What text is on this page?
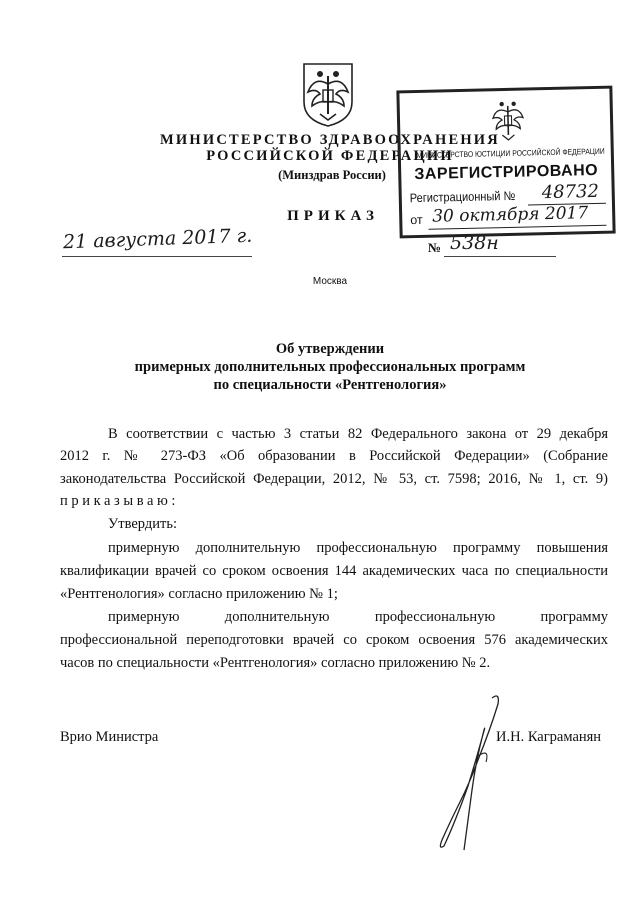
МИНИСТЕРСТВО ЗДРАВООХРАНЕНИЯ
РОССИЙСКОЙ ФЕДЕРАЦИИ
(Минздрав России)
ПРИКАЗ
МИНИСТЕРСТВО ЮСТИЦИИ РОССИЙСКОЙ ФЕДЕРАЦИИ
ЗАРЕГИСТРИРОВАНО
Регистрационный № 48732
от 30 октября 2017
21 августа 2017 г.	№ 538н
Москва
Об утверждении
примерных дополнительных профессиональных программ
по специальности «Рентгенология»
В соответствии с частью 3 статьи 82 Федерального закона от 29 декабря
2012 г. № 273-ФЗ «Об образовании в Российской Федерации» (Собрание
законодательства Российской Федерации, 2012, № 53, ст. 7598; 2016, № 1, ст. 9)
приказываю:
Утвердить:
примерную дополнительную профессиональную программу повышения
квалификации врачей со сроком освоения 144 академических часа по специальности
«Рентгенология» согласно приложению № 1;
примерную дополнительную профессиональную программу
профессиональной переподготовки врачей со сроком освоения 576 академических
часов по специальности «Рентгенология» согласно приложению № 2.
Врио Министра	И.Н. Каграманян
